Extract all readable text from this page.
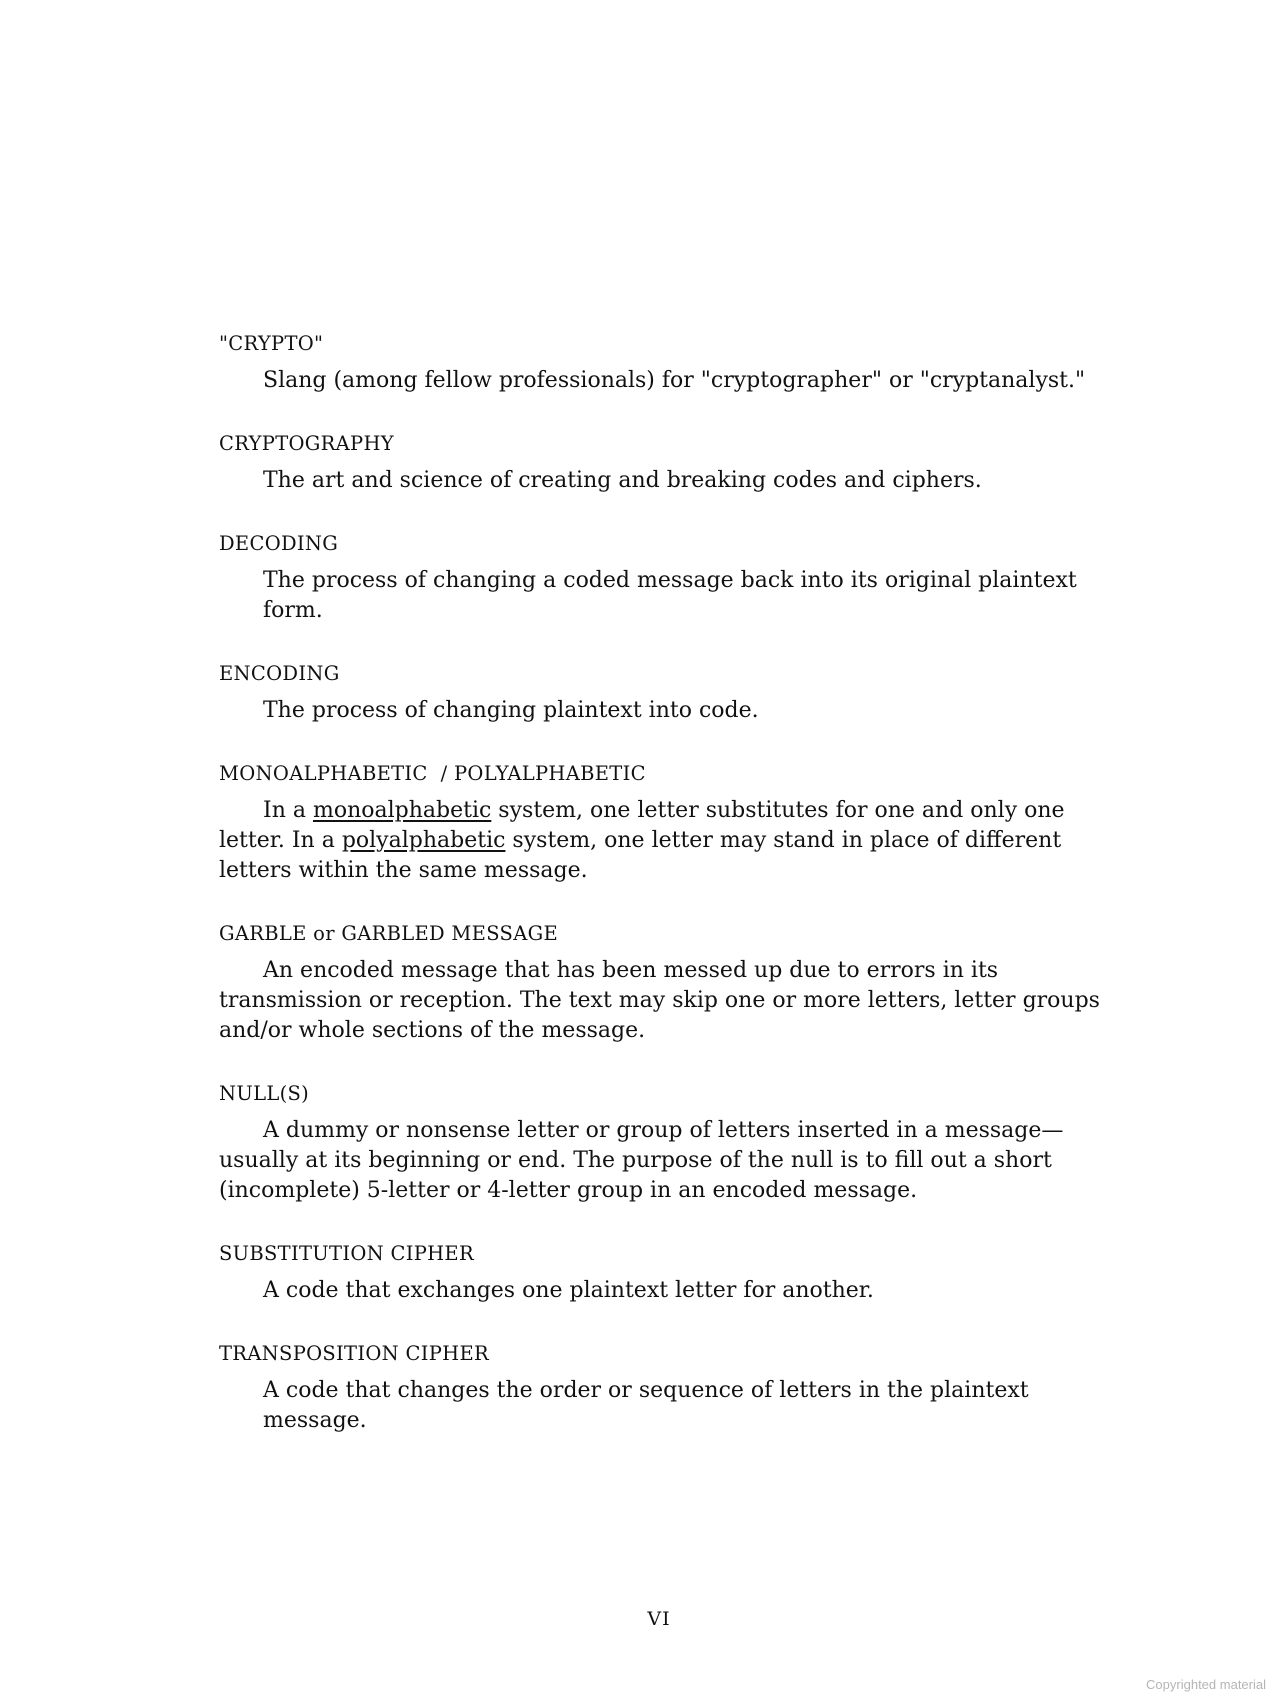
"CRYPTO"

Slang (among fellow professionals) for "cryptographer" or "cryptanalyst."

CRYPTOGRAPHY

The art and science of creating and breaking codes and ciphers.

DECODING

The process of changing a coded message back into its original plaintext form.

ENCODING

The process of changing plaintext into code.

MONOALPHABETIC  / POLYALPHABETIC

In a monoalphabetic system, one letter substitutes for one and only one letter. In a polyalphabetic system, one letter may stand in place of different letters within the same message.

GARBLE or GARBLED MESSAGE

An encoded message that has been messed up due to errors in its transmission or reception. The text may skip one or more letters, letter groups and/or whole sections of the message.

NULL(S)

A dummy or nonsense letter or group of letters inserted in a message—usually at its beginning or end. The purpose of the null is to fill out a short (incomplete) 5-letter or 4-letter group in an encoded message.

SUBSTITUTION CIPHER

A code that exchanges one plaintext letter for another.

TRANSPOSITION CIPHER

A code that changes the order or sequence of letters in the plaintext message.

VI
Copyrighted material
